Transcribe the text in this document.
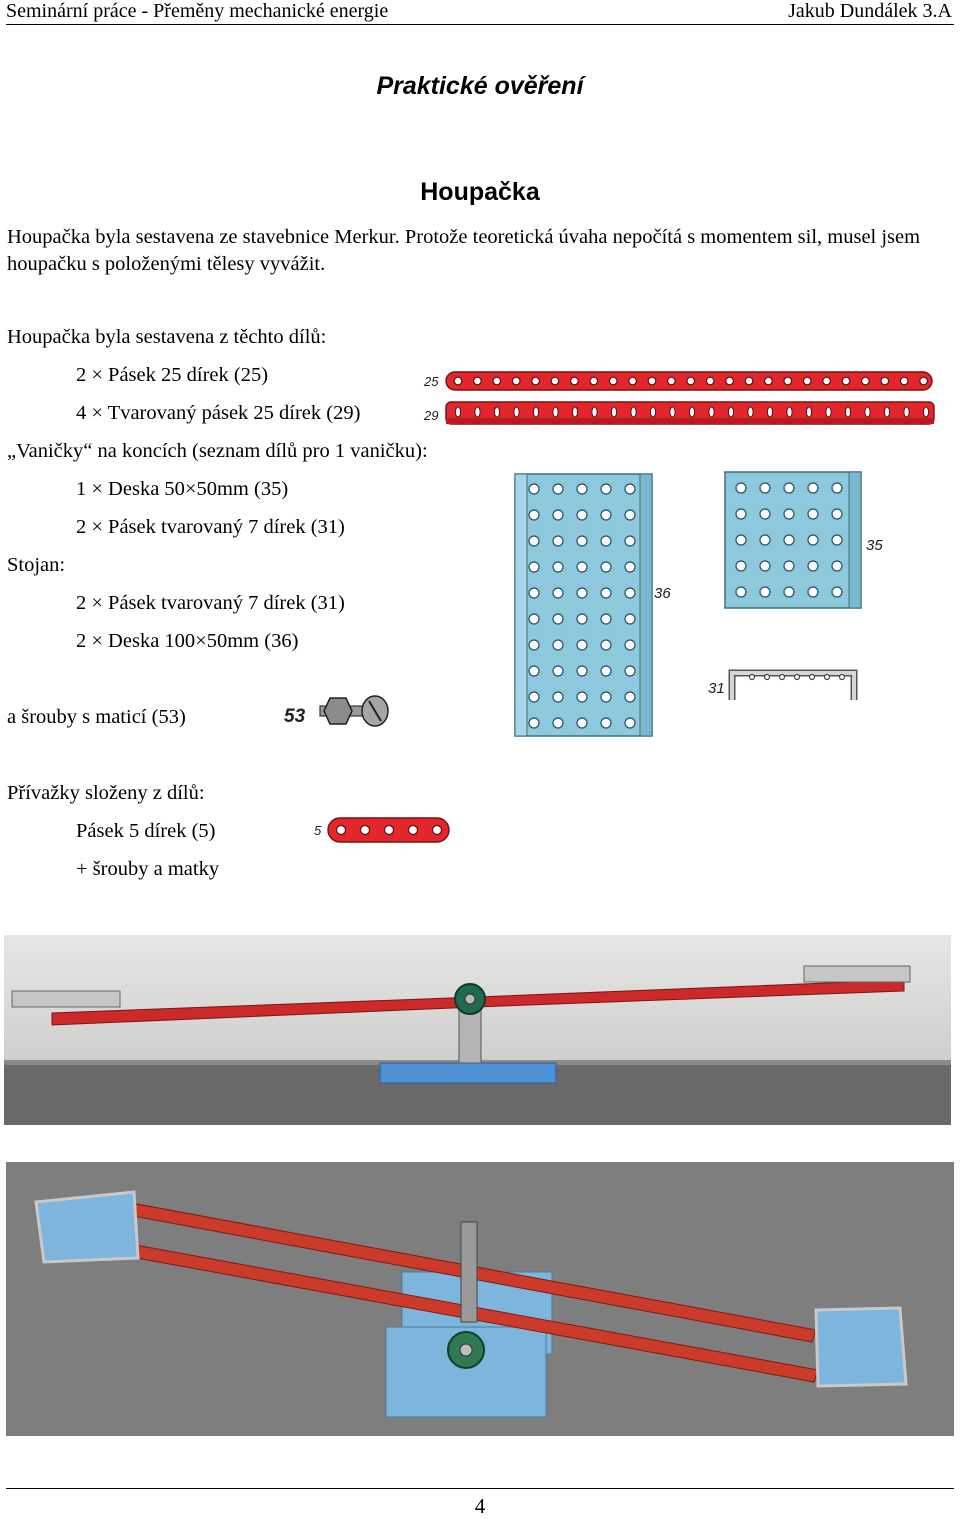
Seminární práce - Přeměny mechanické energie	Jakub Dundálek 3.A
Praktické ověření
Houpačka
Houpačka byla sestavena ze stavebnice Merkur. Protože teoretická úvaha nepočítá s momentem sil, musel jsem houpačku s položenými tělesy vyvážit.
Houpačka byla sestavena z těchto dílů:
2 × Pásek 25 dírek (25)
4 × Tvarovaný pásek 25 dírek (29)
„Vaničky“ na koncích (seznam dílů pro 1 vaničku):
1 × Deska 50×50mm (35)
2 × Pásek tvarovaný 7 dírek (31)
Stojan:
2 × Pásek tvarovaný 7 dírek (31)
2 × Deska 100×50mm (36)
a šrouby s maticí (53)
Přívažky složeny z dílů:
Pásek 5 dírek (5)
+ šrouby a matky
25
29
36
35
31
53
5
4
